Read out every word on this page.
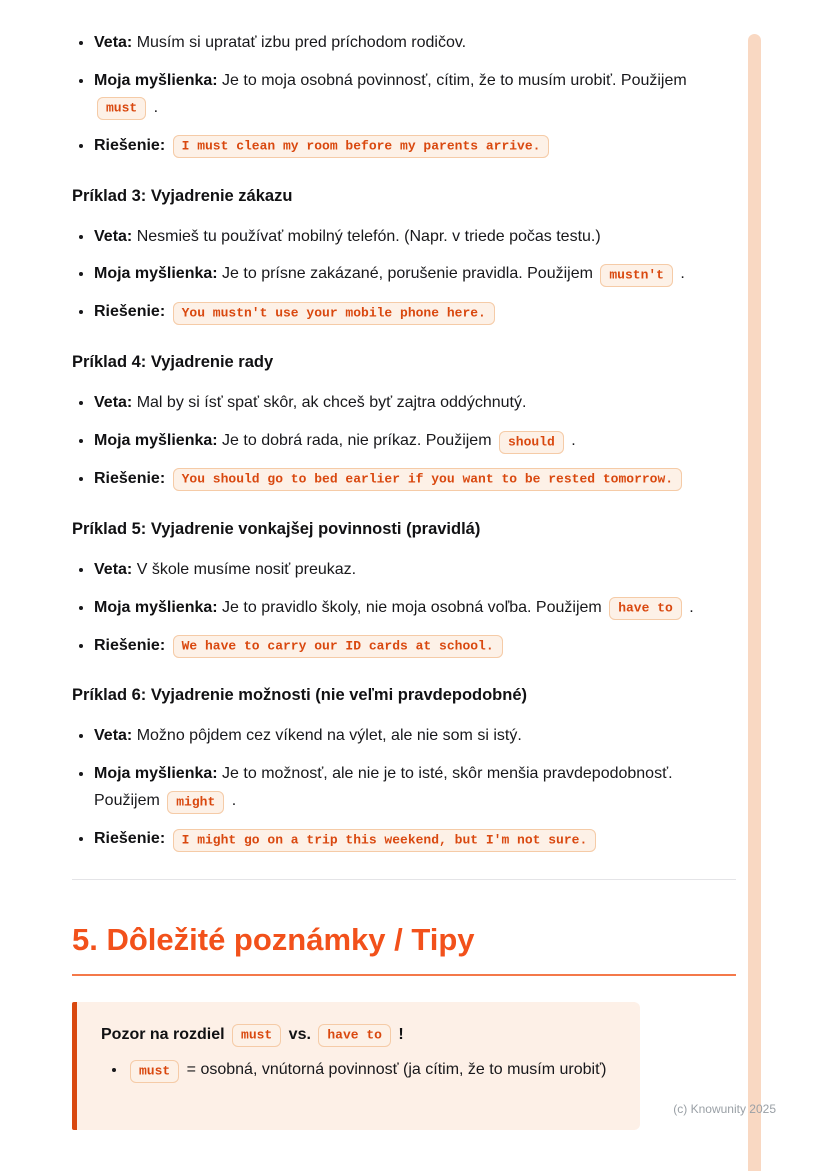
• Veta: Musím si upratať izbu pred príchodom rodičov.
• Moja myšlienka: Je to moja osobná povinnosť, cítim, že to musím urobiť. Použijem must .
• Riešenie: I must clean my room before my parents arrive.
Príklad 3: Vyjadrenie zákazu
• Veta: Nesmieš tu používať mobilný telefón. (Napr. v triede počas testu.)
• Moja myšlienka: Je to prísne zakázané, porušenie pravidla. Použijem mustn't .
• Riešenie: You mustn't use your mobile phone here.
Príklad 4: Vyjadrenie rady
• Veta: Mal by si ísť spať skôr, ak chceš byť zajtra oddýchnutý.
• Moja myšlienka: Je to dobrá rada, nie príkaz. Použijem should .
• Riešenie: You should go to bed earlier if you want to be rested tomorrow.
Príklad 5: Vyjadrenie vonkajšej povinnosti (pravidlá)
• Veta: V škole musíme nosiť preukaz.
• Moja myšlienka: Je to pravidlo školy, nie moja osobná voľba. Použijem have to .
• Riešenie: We have to carry our ID cards at school.
Príklad 6: Vyjadrenie možnosti (nie veľmi pravdepodobné)
• Veta: Možno pôjdem cez víkend na výlet, ale nie som si istý.
• Moja myšlienka: Je to možnosť, ale nie je to isté, skôr menšia pravdepodobnosť. Použijem might .
• Riešenie: I might go on a trip this weekend, but I'm not sure.
5. Dôležité poznámky / Tipy

Pozor na rozdiel must vs. have to !

• must = osobná, vnútorná povinnosť (ja cítim, že to musím urobiť)
(c) Knowunity 2025
